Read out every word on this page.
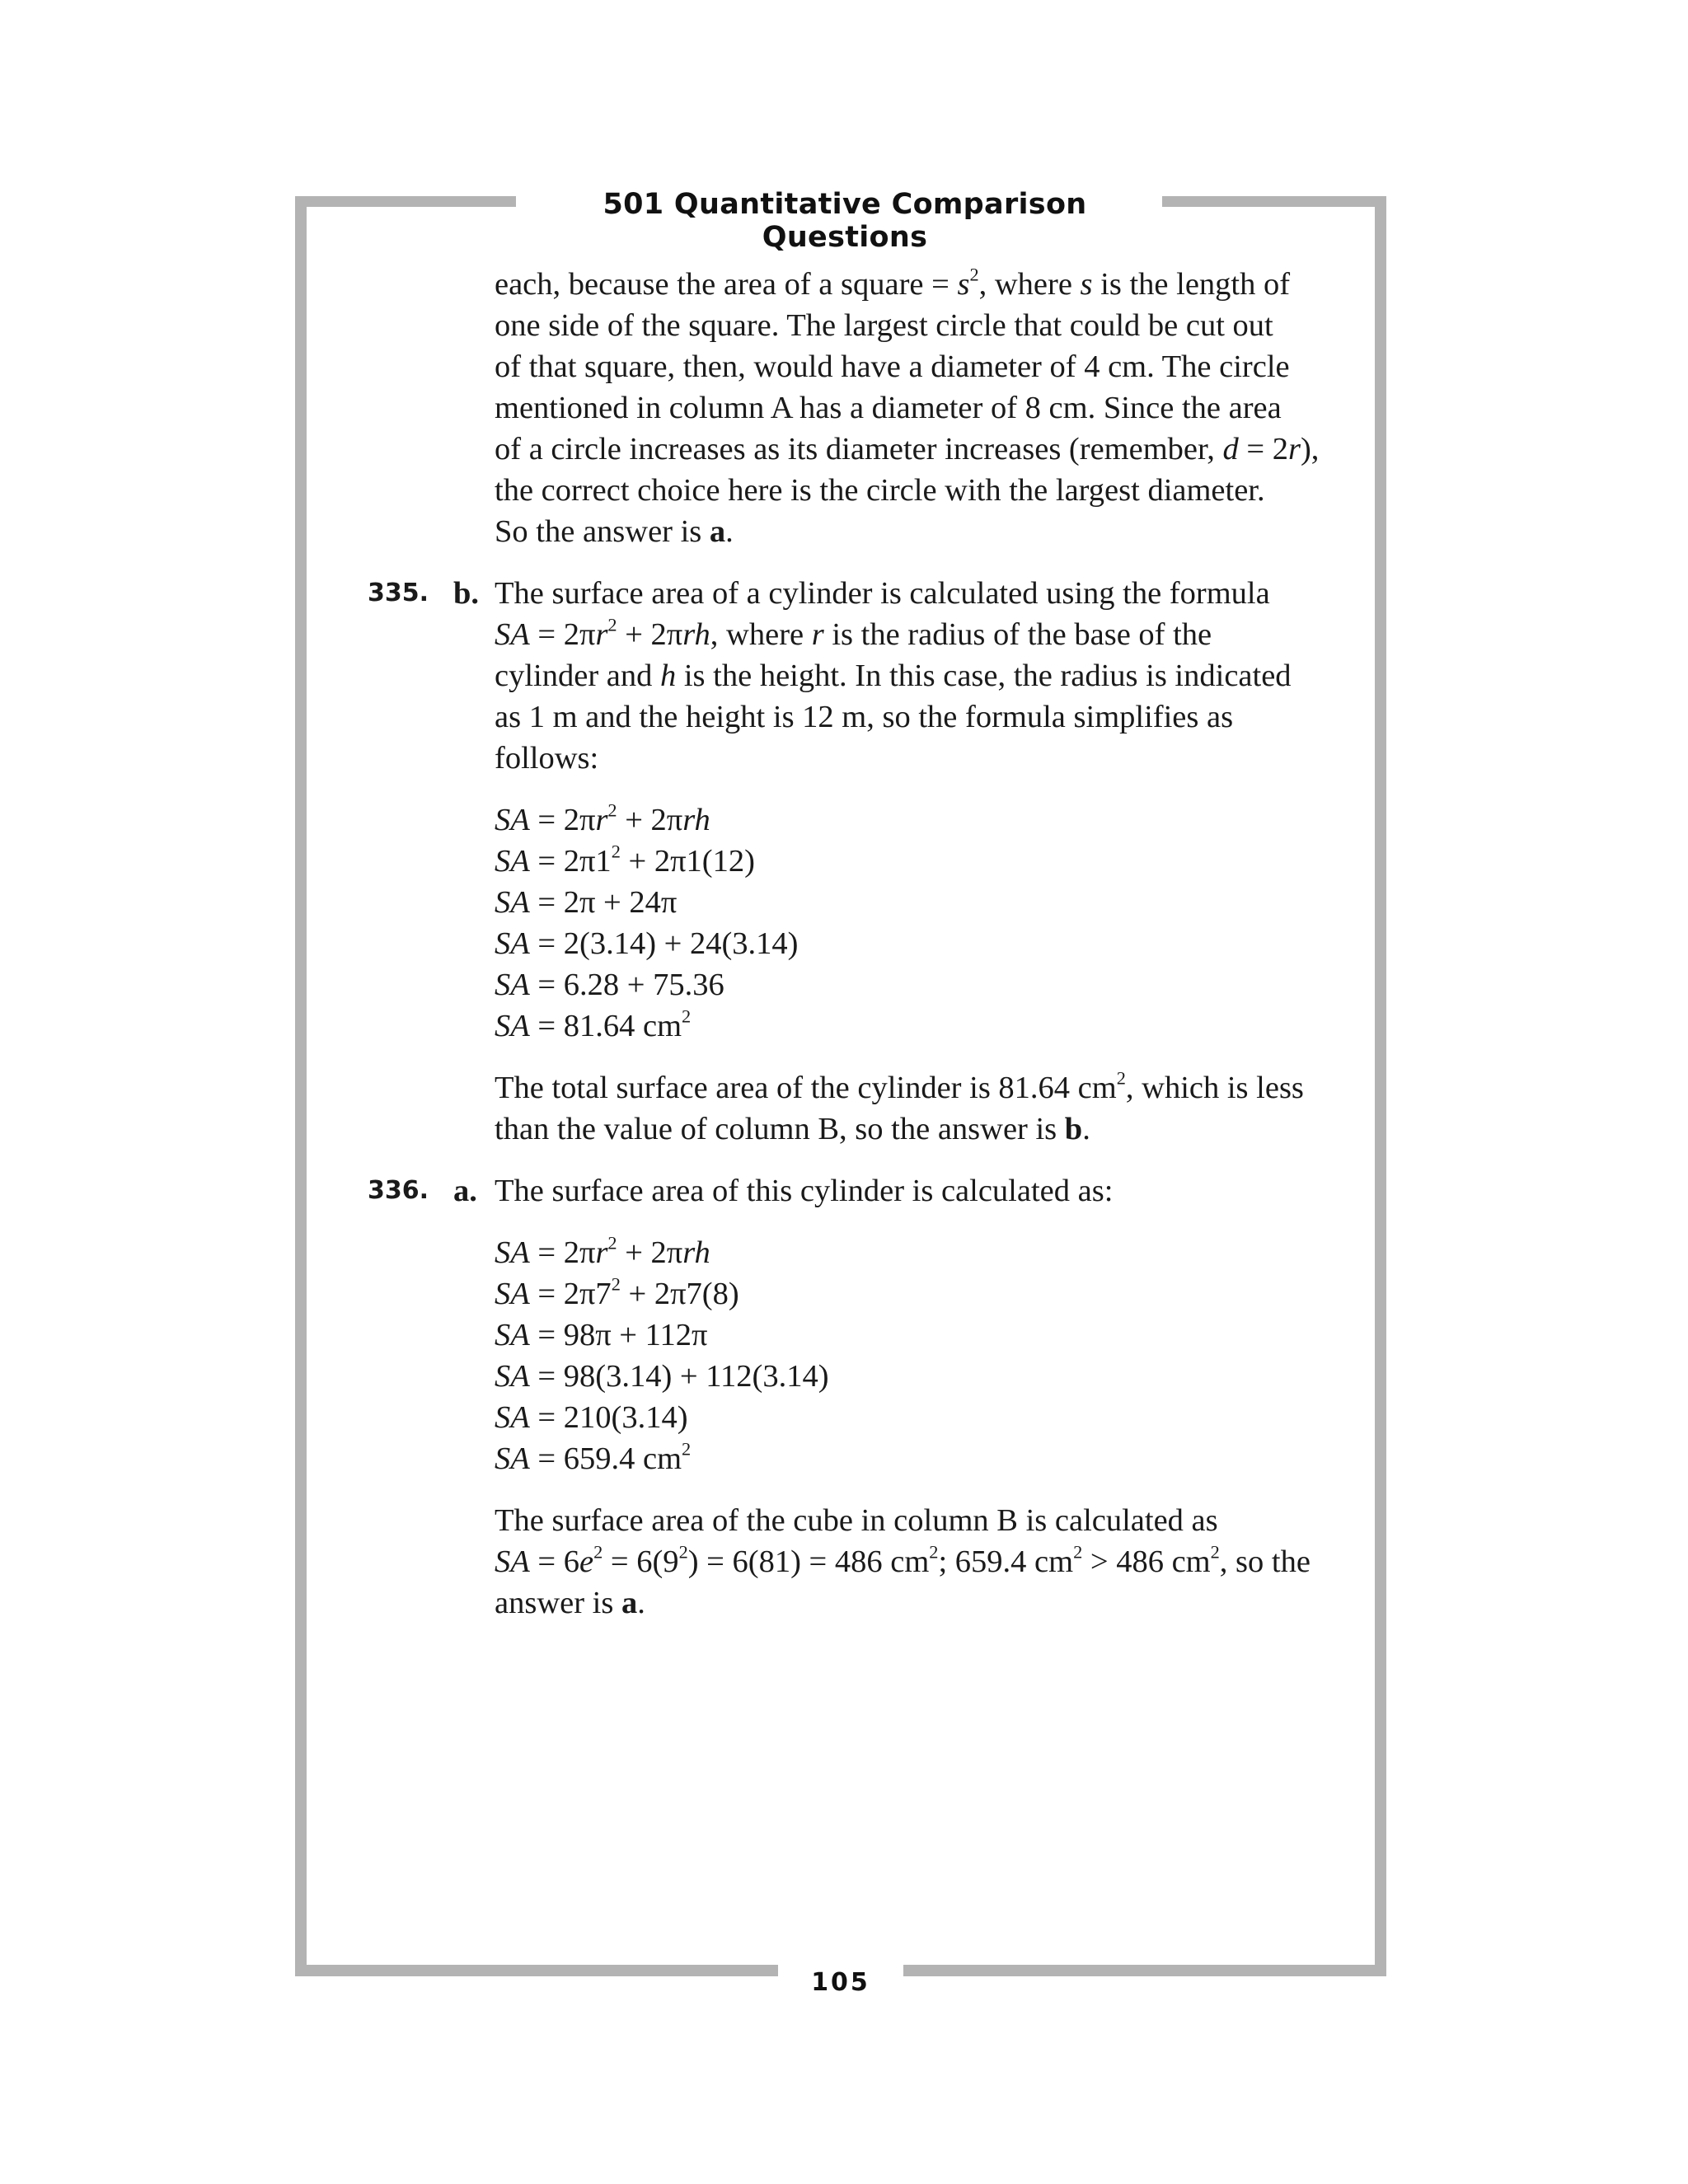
501 Quantitative Comparison Questions

each, because the area of a square = $s^2$, where s is the length of

one side of the square. The largest circle that could be cut out

of that square, then, would have a diameter of 4 cm. The circle

mentioned in column A has a diameter of 8 cm. Since the area

of a circle increases as its diameter increases (remember, d = 2r),

the correct choice here is the circle with the largest diameter.

So the answer is a.

335. b. The surface area of a cylinder is calculated using the formula

SA = $2\pi r^2 + 2\pi rh$, where r is the radius of the base of the

cylinder and h is the height. In this case, the radius is indicated

as 1 m and the height is 12 m, so the formula simplifies as

follows:

SA = $2\pi r^2 + 2\pi rh$
SA = $2\pi 1^2 + 2\pi 1(12)$
SA = 2π + 24π
SA = 2(3.14) + 24(3.14)
SA = 6.28 + 75.36
SA = 81.64 $cm^2$

The total surface area of the cylinder is 81.64 $cm^2$, which is less

than the value of column B, so the answer is b.

336. a. The surface area of this cylinder is calculated as:

SA = $2\pi r^2 + 2\pi rh$
SA = $2\pi 7^2 + 2\pi 7(8)$
SA = 98π + 112π
SA = 98(3.14) + 112(3.14)
SA = 210(3.14)
SA = 659.4 $cm^2$

The surface area of the cube in column B is calculated as

SA = $6e^2 = 6(9^2) = 6(81) = 486$ $cm^2$; 659.4 $cm^2 > 486$ $cm^2$, so the

answer is a.

105
